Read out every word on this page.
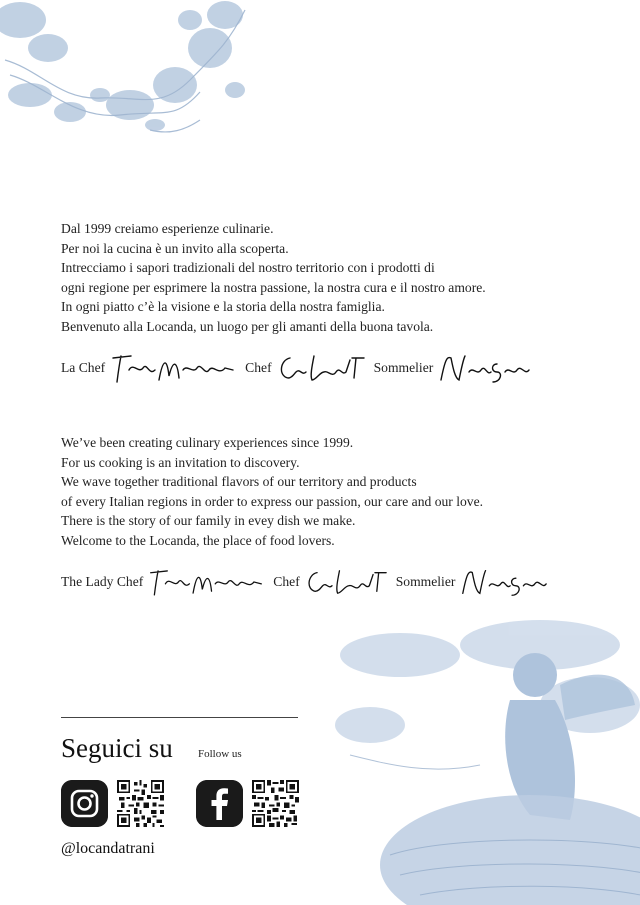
Dal 1999 creiamo esperienze culinarie.
Per noi la cucina è un invito alla scoperta.
Intrecciamo i sapori tradizionali del nostro territorio con i prodotti di
ogni regione per esprimere la nostra passione, la nostra cura e il nostro amore.
In ogni piatto c’è la visione e la storia della nostra famiglia.
Benvenuto alla Locanda, un luogo per gli amanti della buona tavola.

La Chef	Chef	Sommelier

We’ve been creating culinary experiences since 1999.
For us cooking is an invitation to discovery.
We wave together traditional flavors of our territory and products
of every Italian regions in order to express our passion, our care and our love.
There is the story of our family in evey dish we make.
Welcome to the Locanda, the place of food lovers.

The Lady Chef	Chef	Sommelier
Seguici su Follow us
@locandatrani
